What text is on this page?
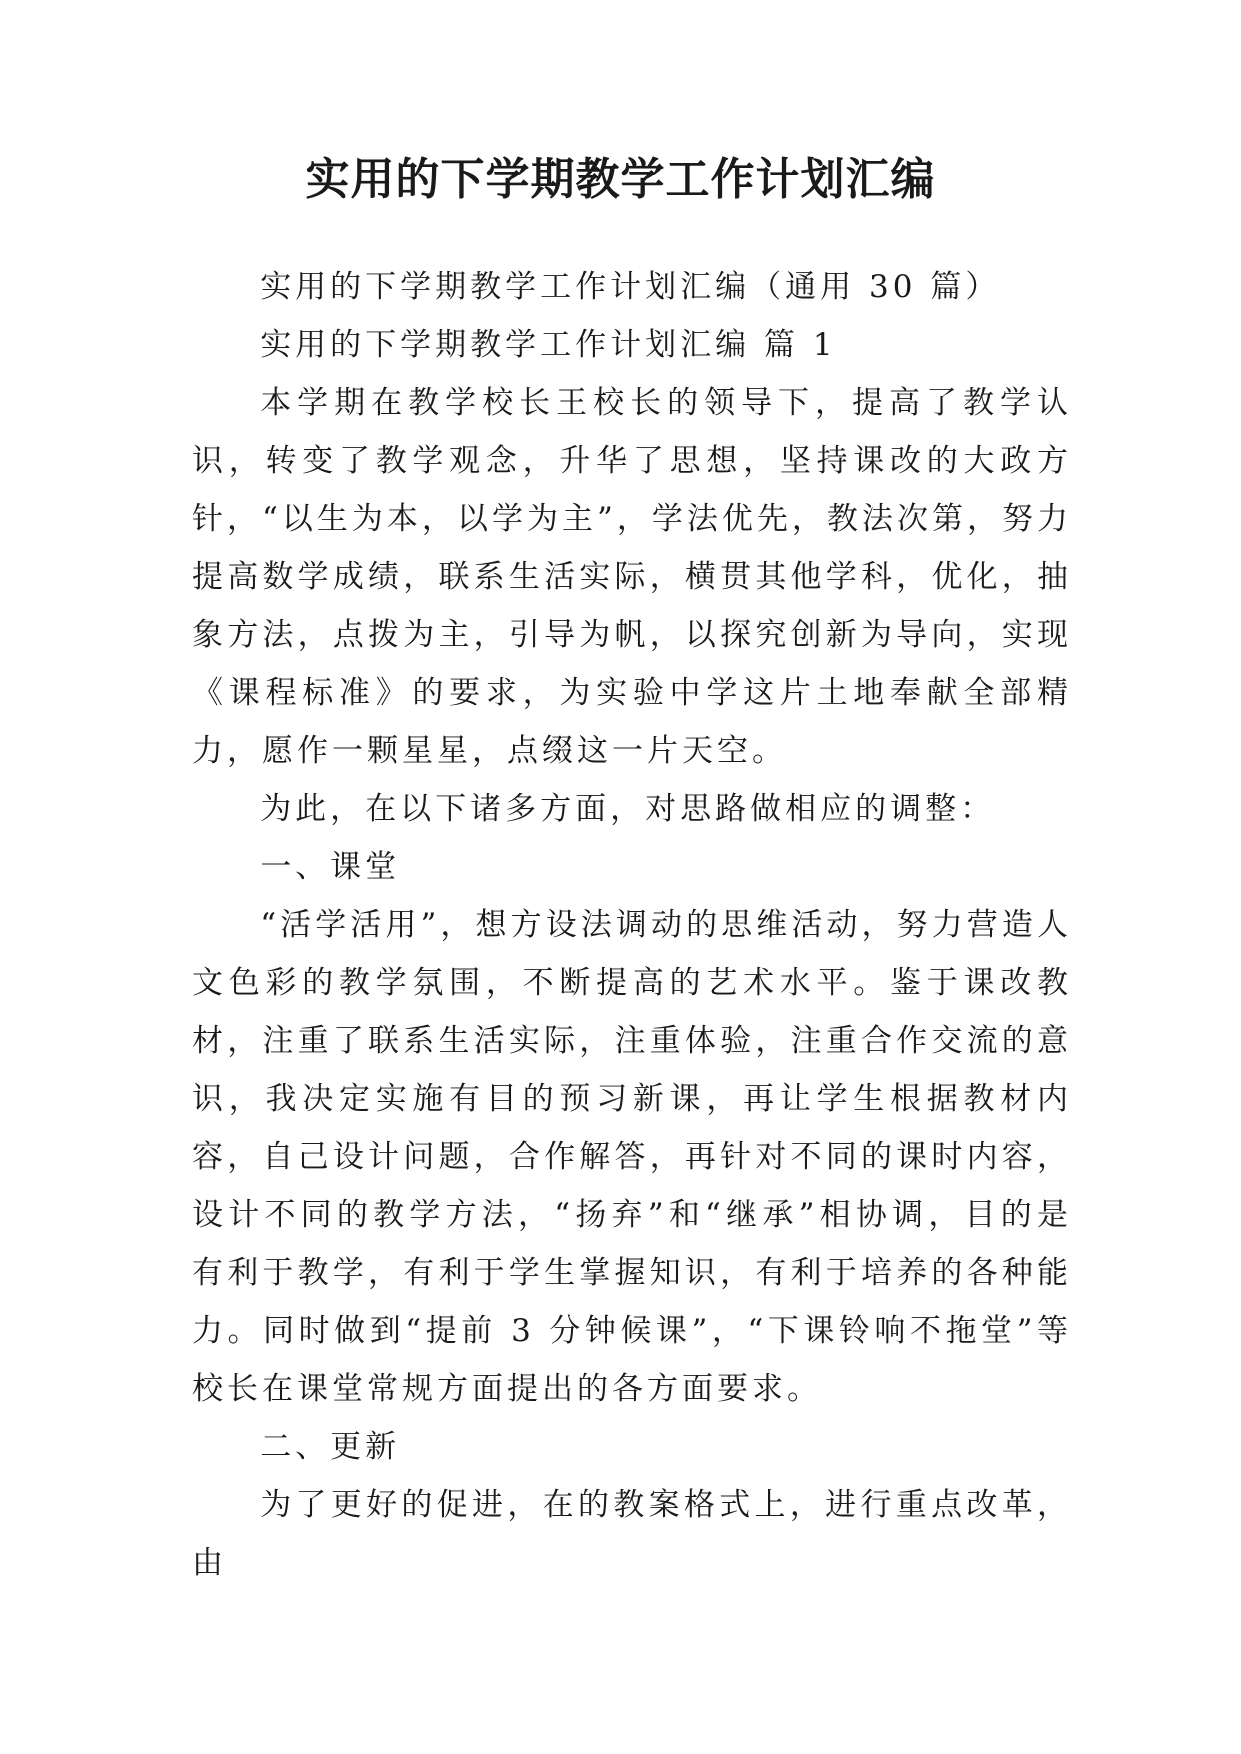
实用的下学期教学工作计划汇编

实用的下学期教学工作计划汇编（通用 30 篇）

实用的下学期教学工作计划汇编 篇 1

本学期在教学校长王校长的领导下，提高了教学认识，转变了教学观念，升华了思想，坚持课改的大政方针，“以生为本，以学为主”，学法优先，教法次第，努力提高数学成绩，联系生活实际，横贯其他学科，优化，抽象方法，点拨为主，引导为帆，以探究创新为导向，实现《课程标准》的要求，为实验中学这片土地奉献全部精力，愿作一颗星星，点缀这一片天空。

为此，在以下诸多方面，对思路做相应的调整：

一、课堂

“活学活用”，想方设法调动的思维活动，努力营造人文色彩的教学氛围，不断提高的艺术水平。鉴于课改教材，注重了联系生活实际，注重体验，注重合作交流的意识，我决定实施有目的预习新课，再让学生根据教材内容，自己设计问题，合作解答，再针对不同的课时内容，设计不同的教学方法，“扬弃”和“继承”相协调，目的是有利于教学，有利于学生掌握知识，有利于培养的各种能力。同时做到“提前 3 分钟候课”，“下课铃响不拖堂”等校长在课堂常规方面提出的各方面要求。

二、更新

为了更好的促进，在的教案格式上，进行重点改革，由
